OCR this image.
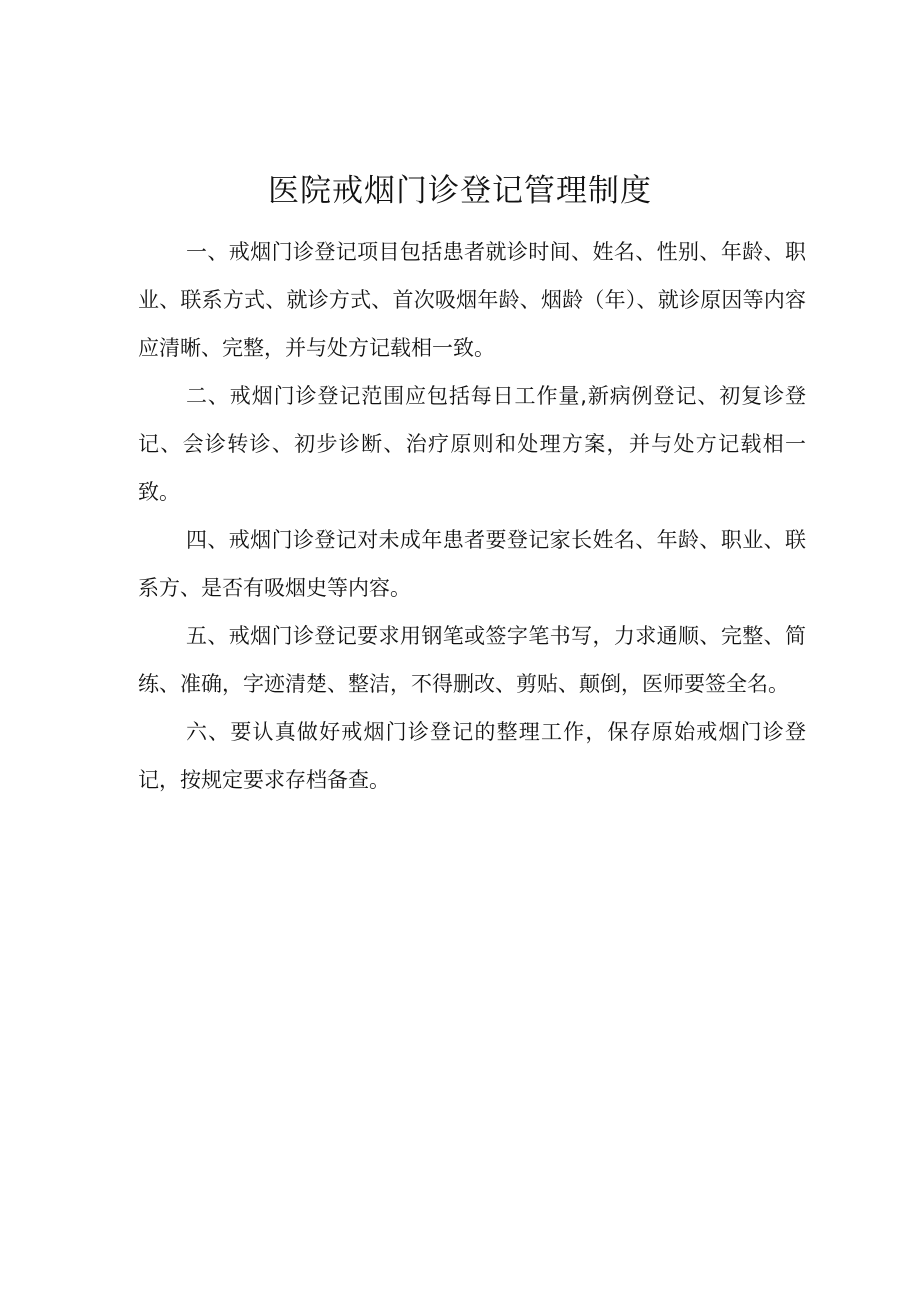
医院戒烟门诊登记管理制度

一、戒烟门诊登记项目包括患者就诊时间、姓名、性别、年龄、职业、联系方式、就诊方式、首次吸烟年龄、烟龄（年）、就诊原因等内容应清晰、完整，并与处方记载相一致。

二、戒烟门诊登记范围应包括每日工作量,新病例登记、初复诊登记、会诊转诊、初步诊断、治疗原则和处理方案，并与处方记载相一致。

四、戒烟门诊登记对未成年患者要登记家长姓名、年龄、职业、联系方、是否有吸烟史等内容。

五、戒烟门诊登记要求用钢笔或签字笔书写，力求通顺、完整、简练、准确，字迹清楚、整洁，不得删改、剪贴、颠倒，医师要签全名。

六、要认真做好戒烟门诊登记的整理工作，保存原始戒烟门诊登记，按规定要求存档备查。
